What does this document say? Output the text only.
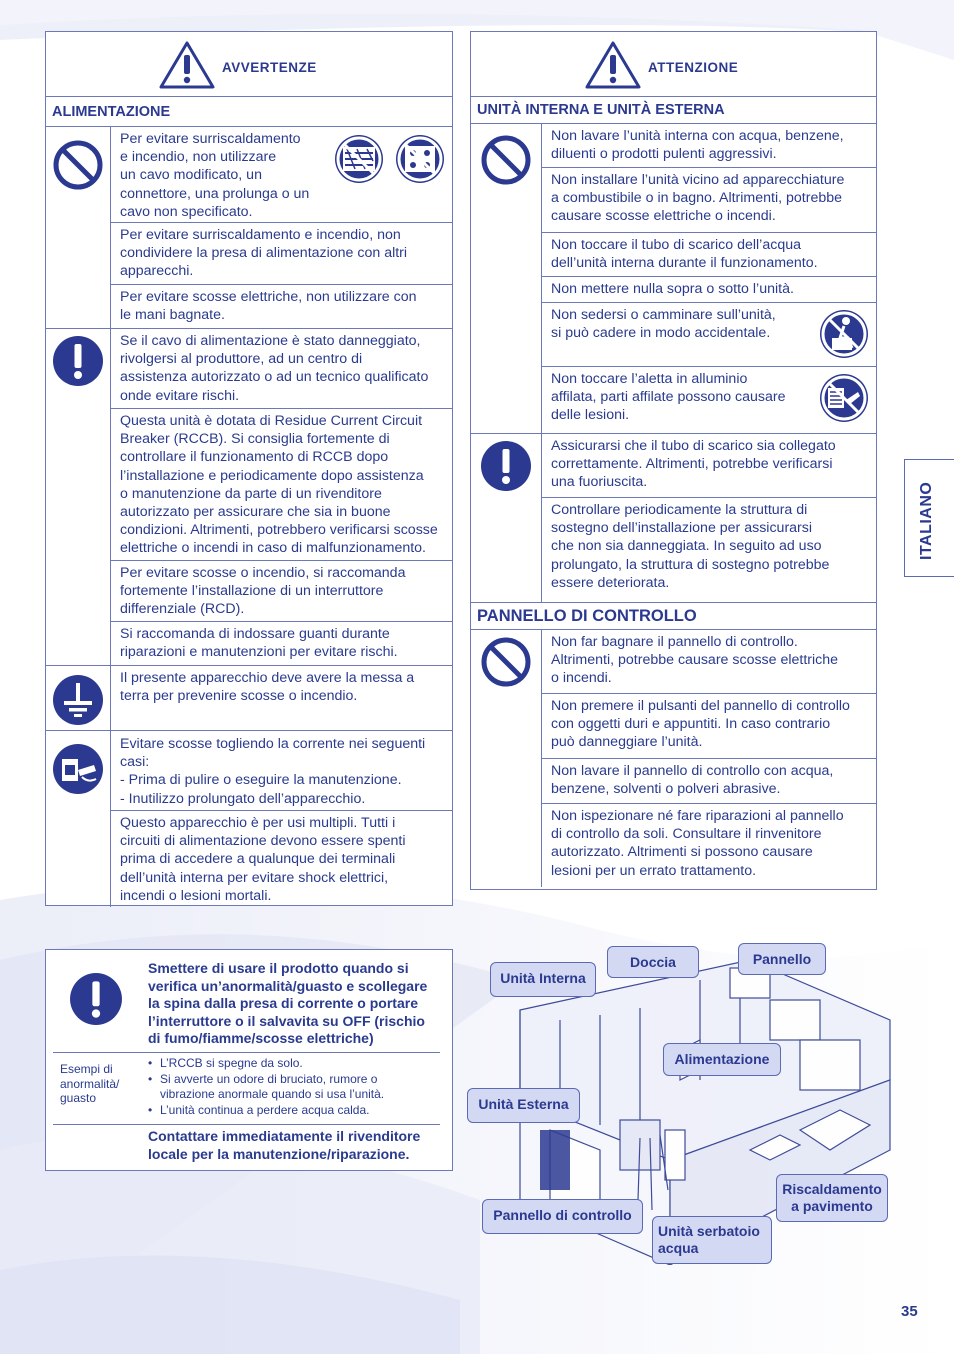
AVVERTENZE
ALIMENTAZIONE
Per evitare surriscaldamento
e incendio, non utilizzare
un cavo modificato, un
connettore, una prolunga o un
cavo non specificato.
Per evitare surriscaldamento e incendio, non
condividere la presa di alimentazione con altri
apparecchi.
Per evitare scosse elettriche, non utilizzare con
le mani bagnate.
Se il cavo di alimentazione è stato danneggiato,
rivolgersi al produttore, ad un centro di
assistenza autorizzato o ad un tecnico qualificato
onde evitare rischi.
Questa unità è dotata di Residue Current Circuit
Breaker (RCCB). Si consiglia fortemente di
controllare il funzionamento di RCCB dopo
l’installazione e periodicamente dopo assistenza
o manutenzione da parte di un rivenditore
autorizzato per assicurare che sia in buone
condizioni. Altrimenti, potrebbero verificarsi scosse
elettriche o incendi in caso di malfunzionamento.
Per evitare scosse o incendio, si raccomanda
fortemente l’installazione di un interruttore
differenziale (RCD).
Si raccomanda di indossare guanti durante
riparazioni e manutenzioni per evitare rischi.
Il presente apparecchio deve avere la messa a
terra per prevenire scosse o incendio.
Evitare scosse togliendo la corrente nei seguenti
casi:
- Prima di pulire o eseguire la manutenzione.
- Inutilizzo prolungato dell’apparecchio.
Questo apparecchio è per usi multipli. Tutti i
circuiti di alimentazione devono essere spenti
prima di accedere a qualunque dei terminali
dell’unità interna per evitare shock elettrici,
incendi o lesioni mortali.
ATTENZIONE
UNITÀ INTERNA E UNITÀ ESTERNA
Non lavare l’unità interna con acqua, benzene,
diluenti o prodotti pulenti aggressivi.
Non installare l’unità vicino ad apparecchiature
a combustibile o in bagno. Altrimenti, potrebbe
causare scosse elettriche o incendi.
Non toccare il tubo di scarico dell’acqua
dell’unità interna durante il funzionamento.
Non mettere nulla sopra o sotto l’unità.
Non sedersi o camminare sull’unità,
si può cadere in modo accidentale.
Non toccare l’aletta in alluminio
affilata, parti affilate possono causare
delle lesioni.
Assicurarsi che il tubo di scarico sia collegato
correttamente. Altrimenti, potrebbe verificarsi
una fuoriuscita.
Controllare periodicamente la struttura di
sostegno dell’installazione per assicurarsi
che non sia danneggiata. In seguito ad uso
prolungato, la struttura di sostegno potrebbe
essere deteriorata.
PANNELLO DI CONTROLLO
Non far bagnare il pannello di controllo.
Altrimenti, potrebbe causare scosse elettriche
o incendi.
Non premere il pulsanti del pannello di controllo
con oggetti duri e appuntiti. In caso contrario
può danneggiare l’unità.
Non lavare il pannello di controllo con acqua,
benzene, solventi o polveri abrasive.
Non ispezionare né fare riparazioni al pannello
di controllo da soli. Consultare il rinvenitore
autorizzato. Altrimenti si possono causare
lesioni per un errato trattamento.
Smettere di usare il prodotto quando si
verifica un’anormalità/guasto e scollegare
la spina dalla presa di corrente o portare
l’interruttore o il salvavita su OFF (rischio
di fumo/fiamme/scosse elettriche)
Esempi di
anormalità/
guasto
• L’RCCB si spegne da solo.
• Si avverte un odore di bruciato, rumore o
vibrazione anormale quando si usa l’unità.
• L’unità continua a perdere acqua calda.
Contattare immediatamente il rivenditore
locale per la manutenzione/riparazione.
Unità Interna
Doccia	Pannello
Alimentazione
Unità Esterna
Riscaldamento
a pavimento
Pannello di controllo
Unità serbatoio
acqua
ITALIANO
35
